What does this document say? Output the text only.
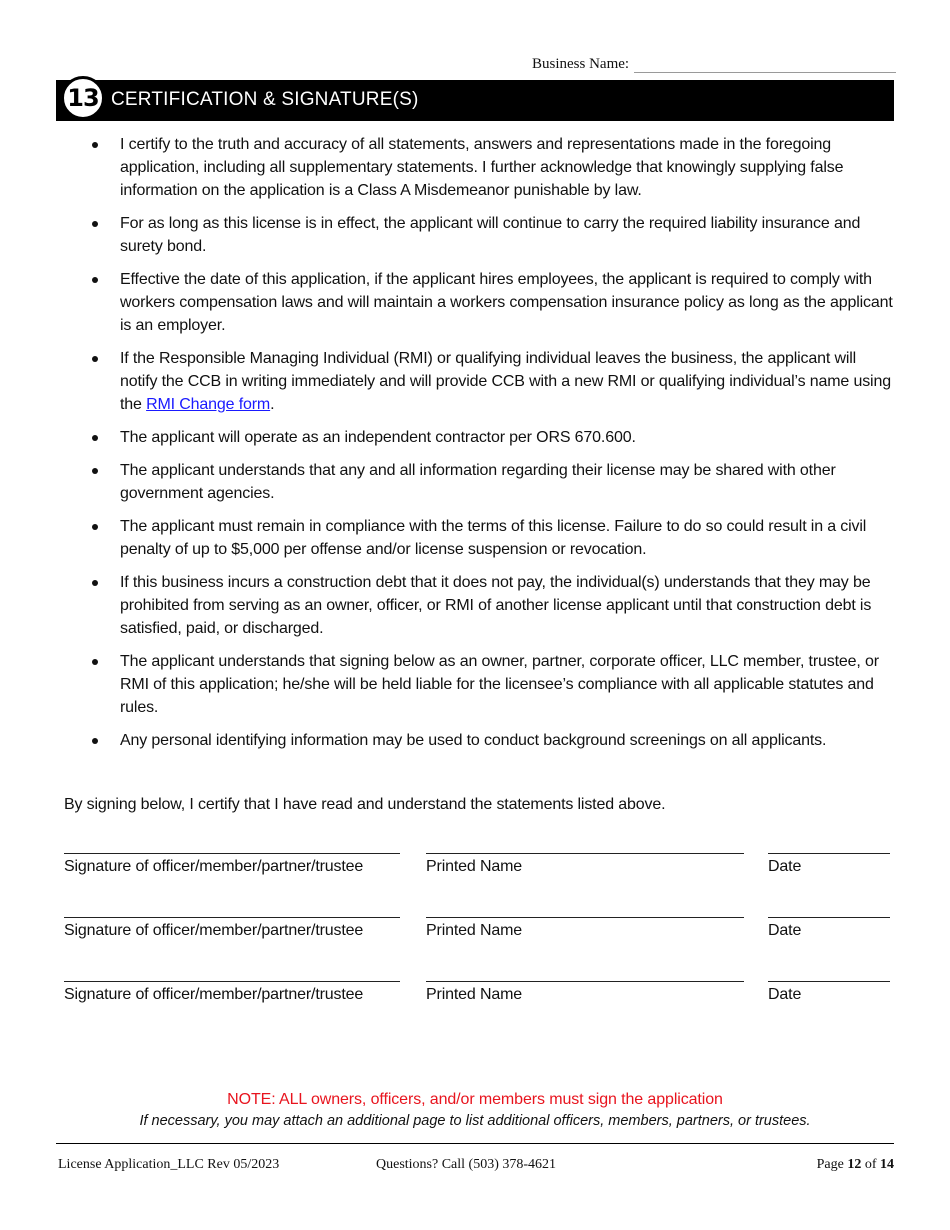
Business Name:
13 CERTIFICATION & SIGNATURE(S)
I certify to the truth and accuracy of all statements, answers and representations made in the foregoing application, including all supplementary statements. I further acknowledge that knowingly supplying false information on the application is a Class A Misdemeanor punishable by law.
For as long as this license is in effect, the applicant will continue to carry the required liability insurance and surety bond.
Effective the date of this application, if the applicant hires employees, the applicant is required to comply with workers compensation laws and will maintain a workers compensation insurance policy as long as the applicant is an employer.
If the Responsible Managing Individual (RMI) or qualifying individual leaves the business, the applicant will notify the CCB in writing immediately and will provide CCB with a new RMI or qualifying individual’s name using the RMI Change form.
The applicant will operate as an independent contractor per ORS 670.600.
The applicant understands that any and all information regarding their license may be shared with other government agencies.
The applicant must remain in compliance with the terms of this license. Failure to do so could result in a civil penalty of up to $5,000 per offense and/or license suspension or revocation.
If this business incurs a construction debt that it does not pay, the individual(s) understands that they may be prohibited from serving as an owner, officer, or RMI of another license applicant until that construction debt is satisfied, paid, or discharged.
The applicant understands that signing below as an owner, partner, corporate officer, LLC member, trustee, or RMI of this application; he/she will be held liable for the licensee’s compliance with all applicable statutes and rules.
Any personal identifying information may be used to conduct background screenings on all applicants.
By signing below, I certify that I have read and understand the statements listed above.
Signature of officer/member/partner/trustee	Printed Name	Date
Signature of officer/member/partner/trustee	Printed Name	Date
Signature of officer/member/partner/trustee	Printed Name	Date
NOTE: ALL owners, officers, and/or members must sign the application
If necessary, you may attach an additional page to list additional officers, members, partners, or trustees.
License Application_LLC Rev 05/2023	Questions? Call (503) 378-4621	Page 12 of 14
